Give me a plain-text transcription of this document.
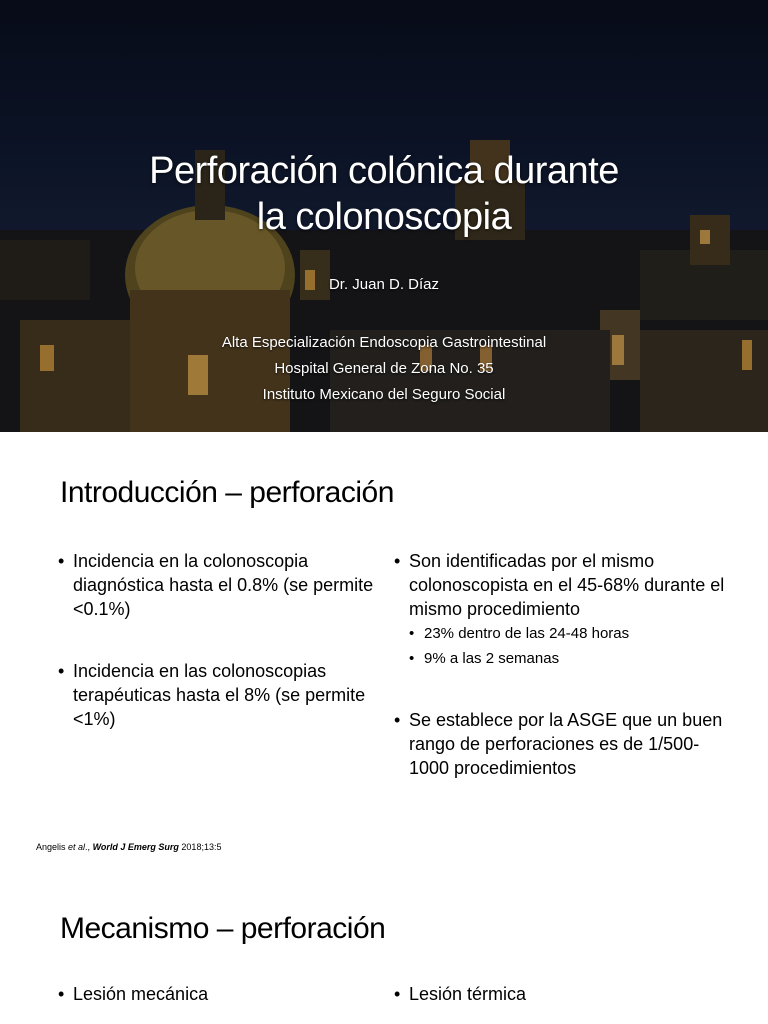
Perforación colónica durante
la colonoscopia
Dr. Juan D. Díaz
Alta Especialización Endoscopia Gastrointestinal
Hospital General de Zona No. 35
Instituto Mexicano del Seguro Social
Introducción – perforación
• Incidencia en la colonoscopia diagnóstica hasta el 0.8% (se permite <0.1%)
• Incidencia en las colonoscopias terapéuticas hasta el 8% (se permite <1%)
• Son identificadas por el mismo colonoscopista en el 45-68% durante el mismo procedimiento
• 23% dentro de las 24-48 horas
• 9% a las 2 semanas
• Se establece por la ASGE que un buen rango de perforaciones es de 1/500-1000 procedimientos
Angelis et al., World J Emerg Surg 2018;13:5
Mecanismo – perforación
• Lesión mecánica
•	Lesión térmica
